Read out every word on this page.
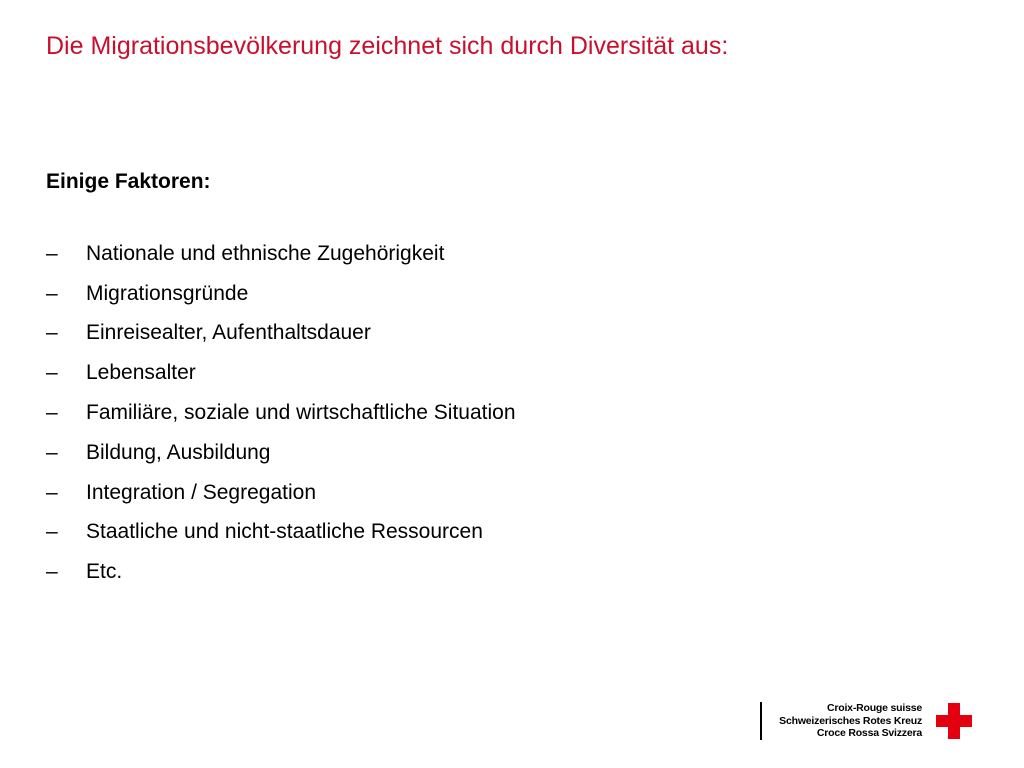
Die Migrationsbevölkerung zeichnet sich durch Diversität aus:
Einige Faktoren:
–	Nationale und ethnische Zugehörigkeit
–	Migrationsgründe
–	Einreisealter, Aufenthaltsdauer
–	Lebensalter
–	Familiäre, soziale und wirtschaftliche Situation
–	Bildung, Ausbildung
–	Integration / Segregation
–	Staatliche und nicht-staatliche Ressourcen
–	Etc.
Croix-Rouge suisse
Schweizerisches Rotes Kreuz
Croce Rossa Svizzera
